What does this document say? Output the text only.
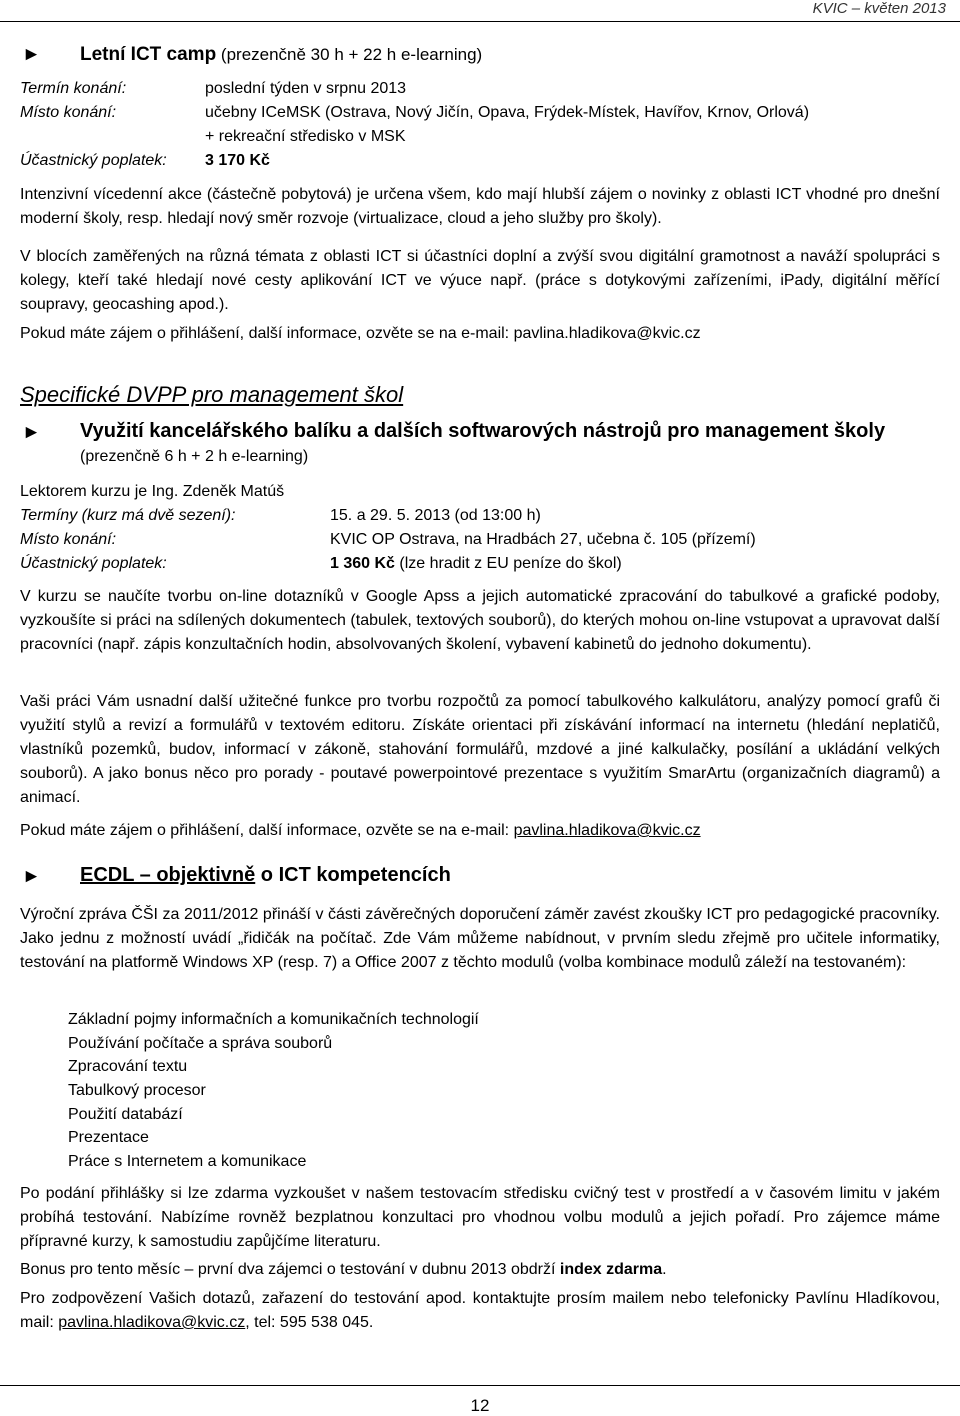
KVIC – květen 2013
► Letní ICT camp (prezenčně 30 h + 22 h e-learning)
Termín konání:	poslední týden v srpnu 2013
Místo konání:	učebny ICeMSK (Ostrava, Nový Jičín, Opava, Frýdek-Místek, Havířov, Krnov, Orlová)
+ rekreační středisko v MSK
Účastnický poplatek: 3 170 Kč
Intenzivní vícedenní akce (částečně pobytová) je určena všem, kdo mají hlubší zájem o novinky z oblasti ICT vhodné pro dnešní moderní školy, resp. hledají nový směr rozvoje (virtualizace, cloud a jeho služby pro školy).
V blocích zaměřených na různá témata z oblasti ICT si účastníci doplní a zvýší svou digitální gramotnost a naváží spolupráci s kolegy, kteří také hledají nové cesty aplikování ICT ve výuce např. (práce s dotykovými zařízeními, iPady, digitální měřící soupravy, geocashing apod.).
Pokud máte zájem o přihlášení, další informace, ozvěte se na e-mail: pavlina.hladikova@kvic.cz
Specifické DVPP pro management škol
► Využití kancelářského balíku a dalších softwarových nástrojů pro management školy
(prezenčně 6 h + 2 h e-learning)
Lektorem kurzu je Ing. Zdeněk Matúš
Termíny (kurz má dvě sezení):	15. a 29. 5. 2013 (od 13:00 h)
Místo konání:	KVIC OP Ostrava, na Hradbách 27, učebna č. 105 (přízemí)
Účastnický poplatek:	1 360 Kč (lze hradit z EU peníze do škol)
V kurzu se naučíte tvorbu on-line dotazníků v Google Apss a jejich automatické zpracování do tabulkové a grafické podoby, vyzkoušíte si práci na sdílených dokumentech (tabulek, textových souborů), do kterých mohou on-line vstupovat a upravovat další pracovníci (např. zápis konzultačních hodin, absolvovaných školení, vybavení kabinetů do jednoho dokumentu).
Vaši práci Vám usnadní další užitečné funkce pro tvorbu rozpočtů za pomocí tabulkového kalkulátoru, analýzy pomocí grafů či využití stylů a revizí a formulářů v textovém editoru. Získáte orientaci při získávání informací na internetu (hledání neplatičů, vlastníků pozemků, budov, informací v zákoně, stahování formulářů, mzdové a jiné kalkulačky, posílání a ukládání velkých souborů). A jako bonus něco pro porady - poutavé powerpointové prezentace s využitím SmarArtu (organizačních diagramů) a animací.
Pokud máte zájem o přihlášení, další informace, ozvěte se na e-mail: pavlina.hladikova@kvic.cz
► ECDL – objektivně o ICT kompetencích
Výroční zpráva ČŠI za 2011/2012 přináší v části závěrečných doporučení záměr zavést zkoušky ICT pro pedagogické pracovníky. Jako jednu z možností uvádí „řidičák na počítač. Zde Vám můžeme nabídnout, v prvním sledu zřejmě pro učitele informatiky, testování na platformě Windows XP (resp. 7) a Office 2007 z těchto modulů (volba kombinace modulů záleží na testovaném):
Základní pojmy informačních a komunikačních technologií
Používání počítače a správa souborů
Zpracování textu
Tabulkový procesor
Použití databází
Prezentace
Práce s Internetem a komunikace
Po podání přihlášky si lze zdarma vyzkoušet v našem testovacím středisku cvičný test v prostředí a v časovém limitu v jakém probíhá testování. Nabízíme rovněž bezplatnou konzultaci pro vhodnou volbu modulů a jejich pořadí. Pro zájemce máme přípravné kurzy, k samostudiu zapůjčíme literaturu.
Bonus pro tento měsíc – první dva zájemci o testování v dubnu 2013 obdrží index zdarma.
Pro zodpovězení Vašich dotazů, zařazení do testování apod. kontaktujte prosím mailem nebo telefonicky Pavlínu Hladíkovou, mail: pavlina.hladikova@kvic.cz, tel: 595 538 045.
12
